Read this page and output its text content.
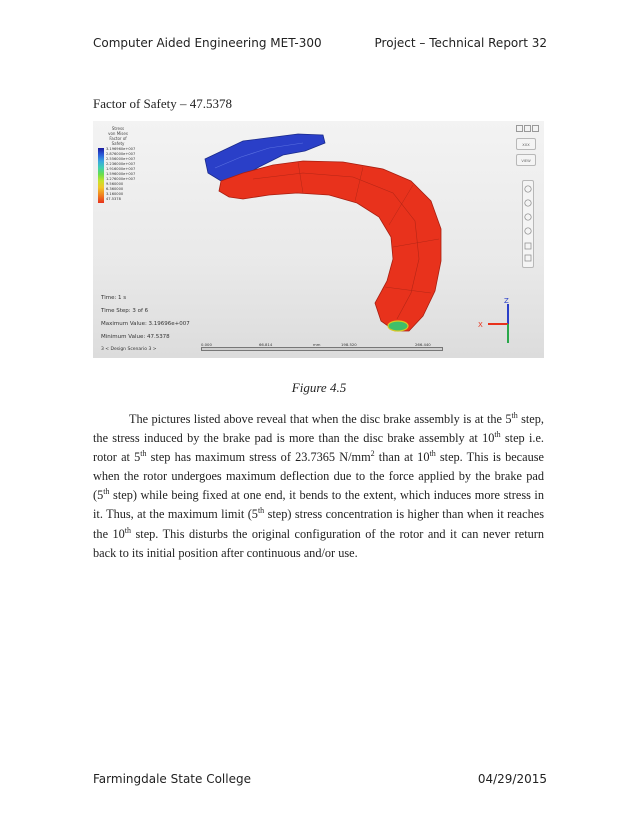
Computer Aided Engineering MET-300	Project – Technical Report 32
Factor of Safety – 47.5378
Z
X
Stress
von Mises
Factor of Safety
3.196960e+007
2.876000e+007
2.556000e+007
2.236000e+007
1.916000e+007
1.596000e+007
1.276000e+007
9.560000
6.360000
3.160000
47.5378
Time: 1 s
Time Step: 3 of 6
Maximum Value: 3.19696e+007
Minimum Value: 47.5378
0.000	66.814	mm	198.520	266.440
3 < Design Scenario 3 >
XXX
VIEW
Figure 4.5
The pictures listed above reveal that when the disc brake assembly is at the 5th step, the stress induced by the brake pad is more than the disc brake assembly at 10th step i.e. rotor at 5th step has maximum stress of 23.7365 $N/mm^2$ than at 10th step. This is because when the rotor undergoes maximum deflection due to the force applied by the brake pad (5th step) while being fixed at one end, it bends to the extent, which induces more stress in it. Thus, at the maximum limit (5th step) stress concentration is higher than when it reaches the 10th step. This disturbs the original configuration of the rotor and it can never return back to its initial position after continuous and/or use.
Farmingdale State College	04/29/2015
